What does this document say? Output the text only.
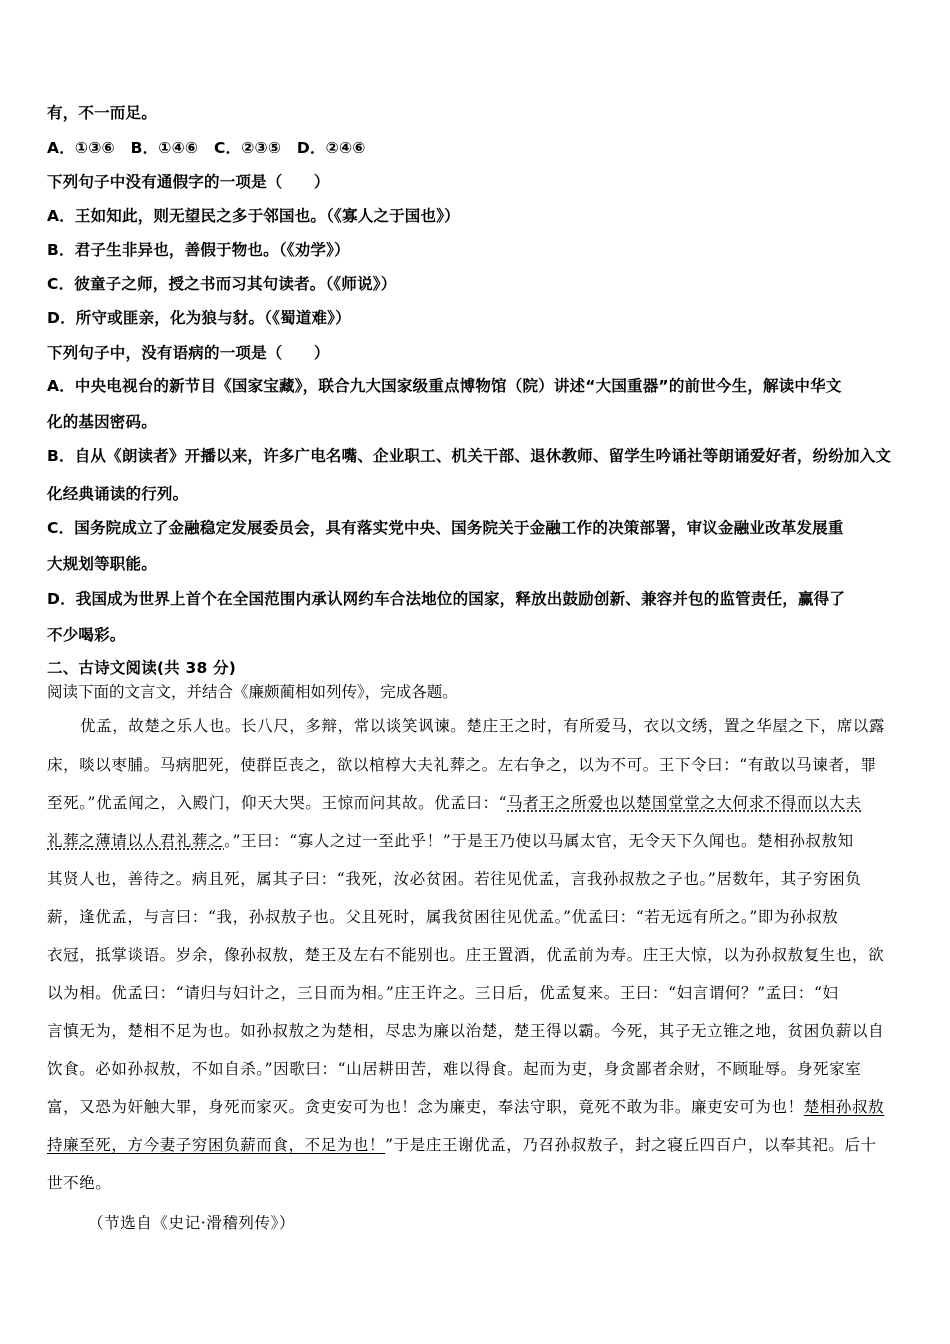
有，不一而足。
A．①③⑥　B．①④⑥　C．②③⑤　D．②④⑥
下列句子中没有通假字的一项是（　　）
A．王如知此，则无望民之多于邻国也。（《寡人之于国也》）
B．君子生非异也，善假于物也。（《劝学》）
C．彼童子之师，授之书而习其句读者。（《师说》）
D．所守或匪亲，化为狼与豺。（《蜀道难》）
下列句子中，没有语病的一项是（　　）
A．中央电视台的新节目《国家宝藏》，联合九大国家级重点博物馆（院）讲述“大国重器”的前世今生，解读中华文
化的基因密码。
B．自从《朗读者》开播以来，许多广电名嘴、企业职工、机关干部、退休教师、留学生吟诵社等朗诵爱好者，纷纷加入文
化经典诵读的行列。
C．国务院成立了金融稳定发展委员会，具有落实党中央、国务院关于金融工作的决策部署，审议金融业改革发展重
大规划等职能。
D．我国成为世界上首个在全国范围内承认网约车合法地位的国家，释放出鼓励创新、兼容并包的监管责任，赢得了
不少喝彩。
二、古诗文阅读(共 38 分)
阅读下面的文言文，并结合《廉颇蔺相如列传》，完成各题。
优孟，故楚之乐人也。长八尺，多辩，常以谈笑讽谏。楚庄王之时，有所爱马，衣以文绣，置之华屋之下，席以露
床，啖以枣脯。马病肥死，使群臣丧之，欲以棺椁大夫礼葬之。左右争之，以为不可。王下令曰：“有敢以马谏者，罪
至死。”优孟闻之，入殿门，仰天大哭。王惊而问其故。优孟曰：“马者王之所爱也以楚国堂堂之大何求不得而以大夫
礼葬之薄请以人君礼葬之。”王曰：“寡人之过一至此乎！”于是王乃使以马属太官，无令天下久闻也。楚相孙叔敖知
其贤人也，善待之。病且死，属其子曰：“我死，汝必贫困。若往见优孟，言我孙叔敖之子也。”居数年，其子穷困负
薪，逢优孟，与言曰：“我，孙叔敖子也。父且死时，属我贫困往见优孟。”优孟曰：“若无远有所之。”即为孙叔敖
衣冠，抵掌谈语。岁余，像孙叔敖，楚王及左右不能别也。庄王置酒，优孟前为寿。庄王大惊，以为孙叔敖复生也，欲
以为相。优孟曰：“请归与妇计之，三日而为相。”庄王许之。三日后，优孟复来。王曰：“妇言谓何？”孟曰：“妇
言慎无为，楚相不足为也。如孙叔敖之为楚相，尽忠为廉以治楚，楚王得以霸。今死，其子无立锥之地，贫困负薪以自
饮食。必如孙叔敖，不如自杀。”因歌曰：“山居耕田苦，难以得食。起而为吏，身贪鄙者余财，不顾耻辱。身死家室
富，又恐为奸触大罪，身死而家灭。贪吏安可为也！念为廉吏，奉法守职，竟死不敢为非。廉吏安可为也！楚相孙叔敖
持廉至死，方今妻子穷困负薪而食，不足为也！”于是庄王谢优孟，乃召孙叔敖子，封之寝丘四百户，以奉其祀。后十
世不绝。
（节选自《史记·滑稽列传》）
